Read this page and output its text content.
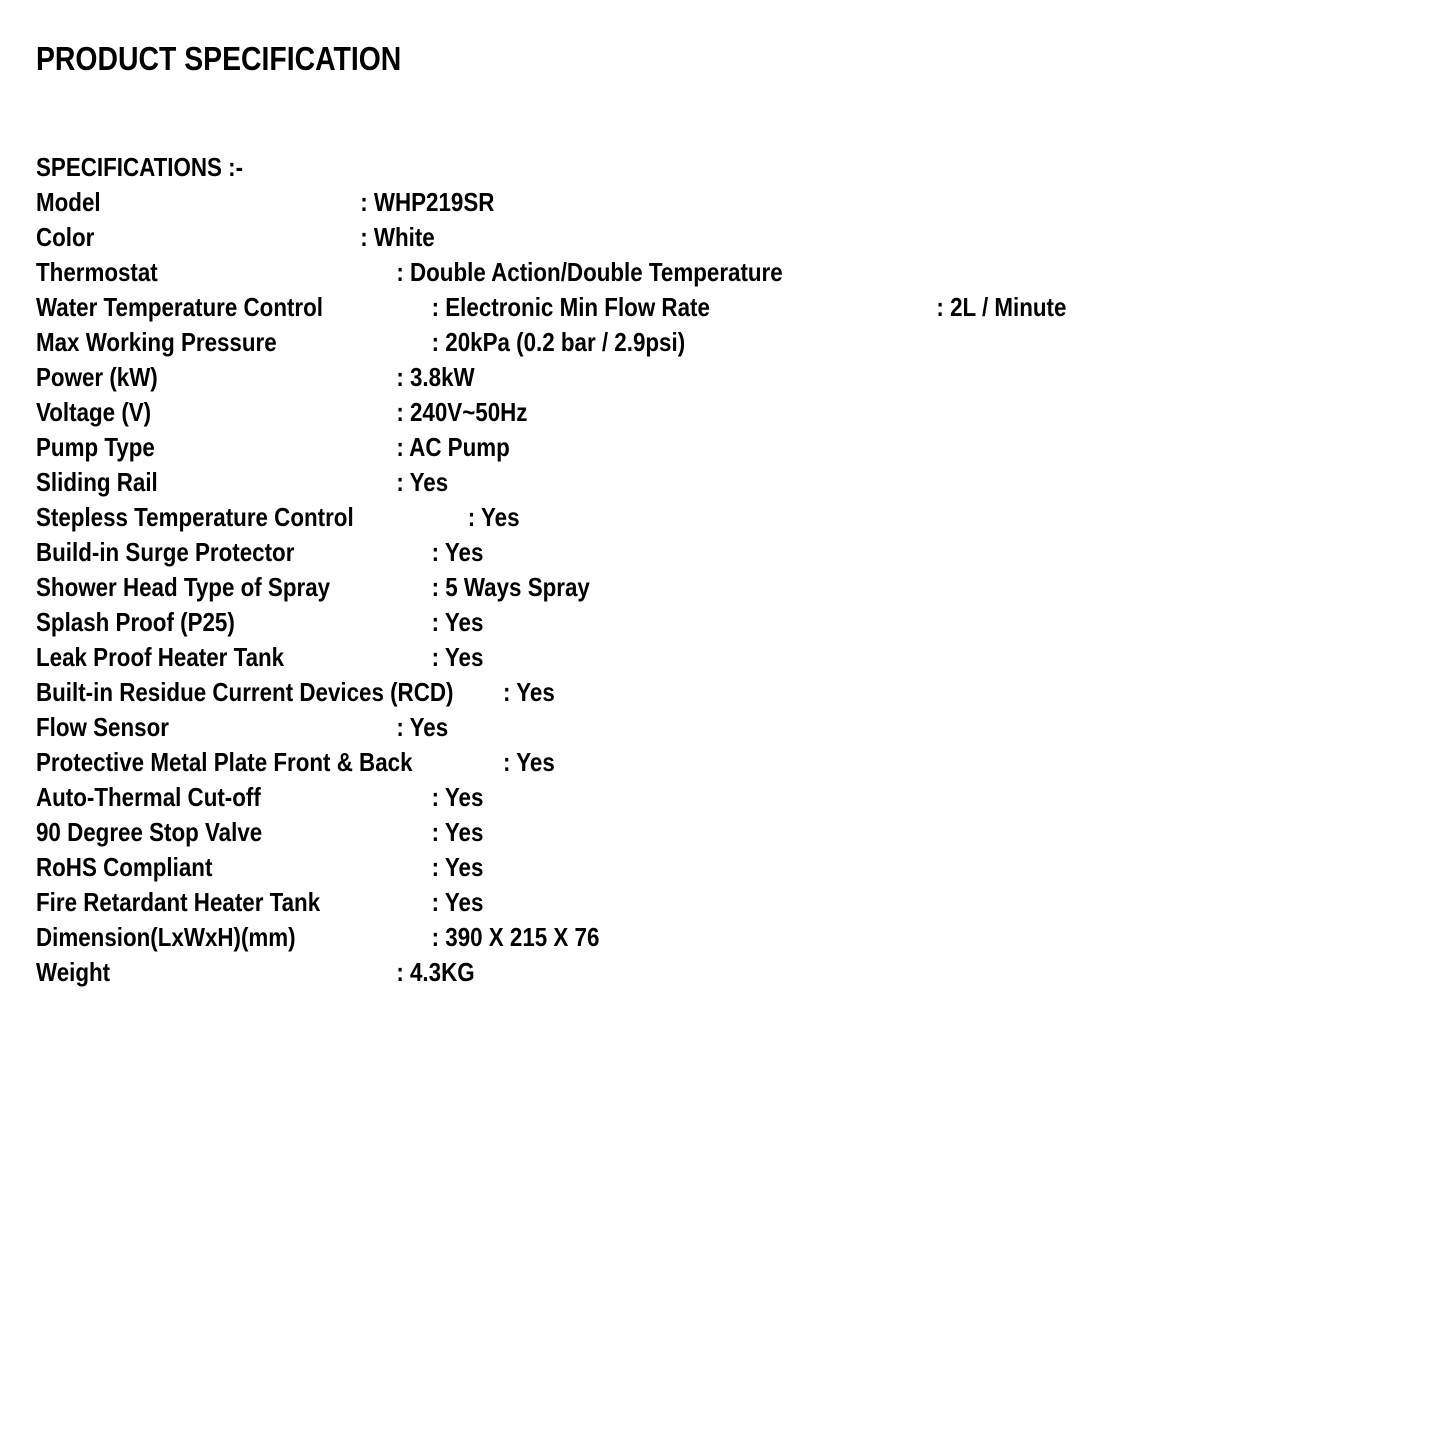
PRODUCT SPECIFICATION
SPECIFICATIONS :-
Model	: WHP219SR
Color	: White
Thermostat	: Double Action/Double Temperature
Water Temperature Control	: Electronic Min Flow Rate	: 2L / Minute
Max Working Pressure	: 20kPa (0.2 bar / 2.9psi)
Power (kW)	: 3.8kW
Voltage (V)	: 240V~50Hz
Pump Type	: AC Pump
Sliding Rail	: Yes
Stepless Temperature Control	: Yes
Build-in Surge Protector	: Yes
Shower Head Type of Spray	: 5 Ways Spray
Splash Proof (P25)	: Yes
Leak Proof Heater Tank	: Yes
Built-in Residue Current Devices (RCD) : Yes
Flow Sensor	: Yes
Protective Metal Plate Front & Back	: Yes
Auto-Thermal Cut-off	: Yes
90 Degree Stop Valve	: Yes
RoHS Compliant	: Yes
Fire Retardant Heater Tank	: Yes
Dimension(LxWxH)(mm)	: 390 X 215 X 76
Weight	: 4.3KG
